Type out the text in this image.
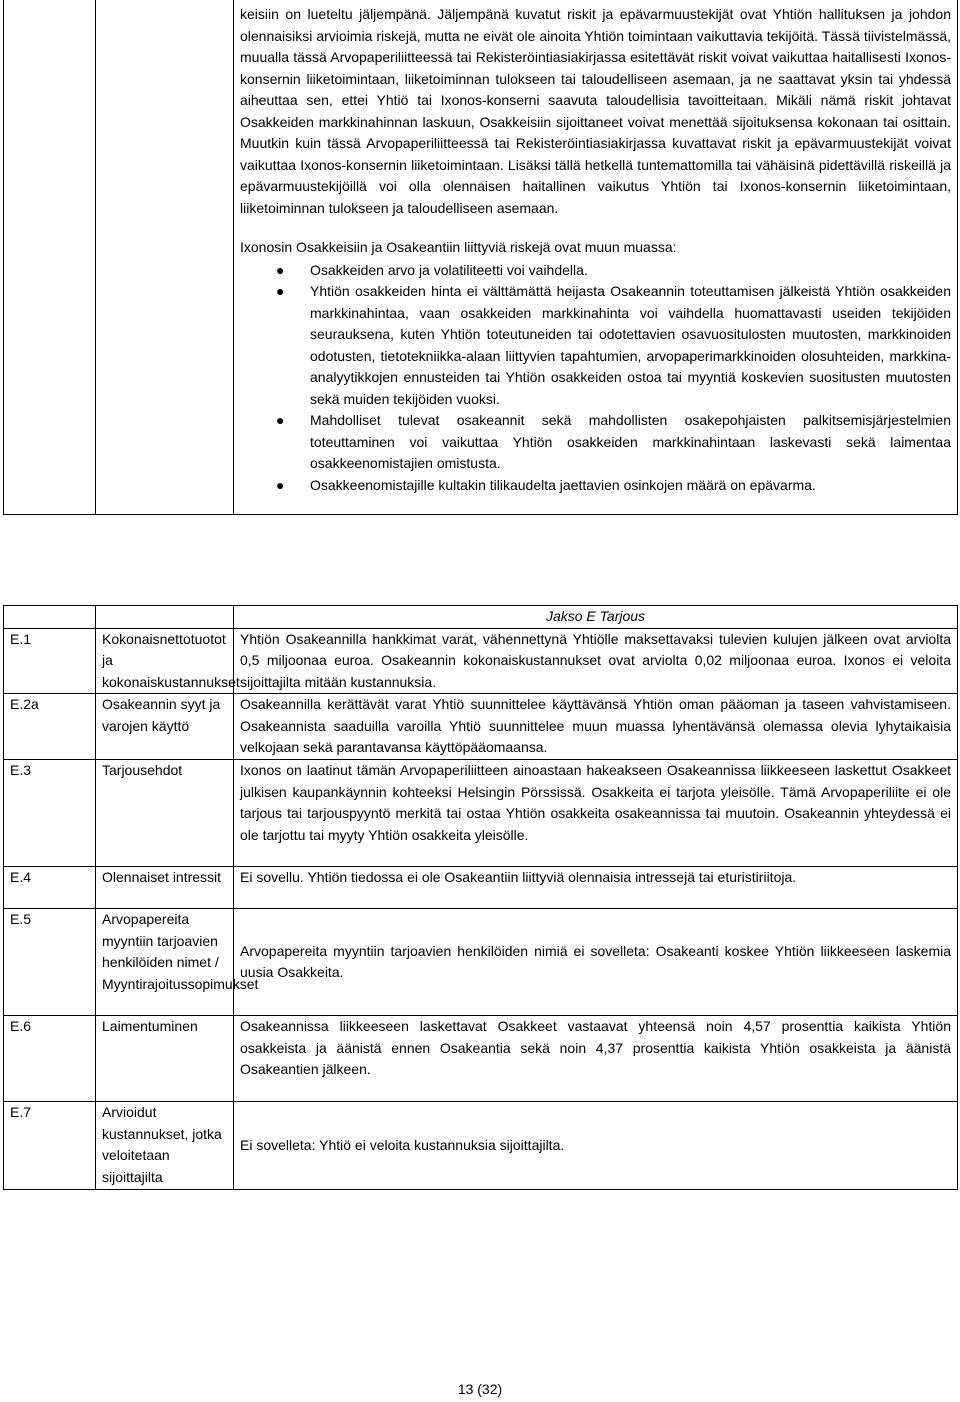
keisiin on lueteltu jäljempänä. Jäljempänä kuvatut riskit ja epävarmuustekijät ovat Yhtiön hallituksen ja johdon olennaisiksi arvioimia riskejä, mutta ne eivät ole ainoita Yhtiön toimintaan vaikuttavia tekijöitä. Tässä tiivistelmässä, muualla tässä Arvopaperiliitteessä tai Rekisteröintiasiakirjassa esitettävät riskit voivat vaikuttaa haitallisesti Ixonos-konsernin liiketoimintaan, liiketoiminnan tulokseen tai taloudelliseen asemaan, ja ne saattavat yksin tai yhdessä aiheuttaa sen, ettei Yhtiö tai Ixonos-konserni saavuta taloudellisia tavoitteitaan. Mikäli nämä riskit johtavat Osakkeiden markkinahinnan laskuun, Osakkeisiin sijoittaneet voivat menettää sijoituksensa kokonaan tai osittain. Muutkin kuin tässä Arvopaperiliitteessä tai Rekisteröintiasiakirjassa kuvattavat riskit ja epävarmuustekijät voivat vaikuttaa Ixonos-konsernin liiketoimintaan. Lisäksi tällä hetkellä tuntemattomilla tai vähäisinä pidettävillä riskeillä ja epävarmuustekijöillä voi olla olennaisen haitallinen vaikutus Yhtiön tai Ixonos-konsernin liiketoimintaan, liiketoiminnan tulokseen ja taloudelliseen asemaan.

Ixonosin Osakkeisiin ja Osakeantiin liittyviä riskejä ovat muun muassa:

● Osakkeiden arvo ja volatiliteetti voi vaihdella.
● Yhtiön osakkeiden hinta ei välttämättä heijasta Osakeannin toteuttamisen jälkeistä Yhtiön osakkeiden markkinahintaa, vaan osakkeiden markkinahinta voi vaihdella huomattavasti useiden tekijöiden seurauksena, kuten Yhtiön toteutuneiden tai odotettavien osavuositulosten muutosten, markkinoiden odotusten, tietotekniikka-alaan liittyvien tapahtumien, arvopaperimarkkinoiden olosuhteiden, markkina-analyytikkojen ennusteiden tai Yhtiön osakkeiden ostoa tai myyntiä koskevien suositusten muutosten sekä muiden tekijöiden vuoksi.
● Mahdolliset tulevat osakeannit sekä mahdollisten osakepohjaisten palkitsemisjärjestelmien toteuttaminen voi vaikuttaa Yhtiön osakkeiden markkinahintaan laskevasti sekä laimentaa osakkeenomistajien omistusta.
● Osakkeenomistajille kultakin tilikaudelta jaettavien osinkojen määrä on epävarma.
		Jakso E Tarjous
E.1	Kokonaisnettotuotot ja kokonaiskustannukset	Yhtiön Osakeannilla hankkimat varat, vähennettynä Yhtiölle maksettavaksi tulevien kulujen jälkeen ovat arviolta 0,5 miljoonaa euroa. Osakeannin kokonaiskustannukset ovat arviolta 0,02 miljoonaa euroa. Ixonos ei veloita sijoittajilta mitään kustannuksia.
E.2a	Osakeannin syyt ja varojen käyttö	Osakeannilla kerättävät varat Yhtiö suunnittelee käyttävänsä Yhtiön oman pääoman ja taseen vahvistamiseen. Osakeannista saaduilla varoilla Yhtiö suunnittelee muun muassa lyhentävänsä olemassa olevia lyhytaikaisia velkojaan sekä parantavansa käyttöpääomaansa.
E.3	Tarjousehdot	Ixonos on laatinut tämän Arvopaperiliitteen ainoastaan hakeakseen Osakeannissa liikkeeseen laskettut Osakkeet julkisen kaupankäynnin kohteeksi Helsingin Pörssissä. Osakkeita ei tarjota yleisölle. Tämä Arvopaperiliite ei ole tarjous tai tarjouspyyntö merkitä tai ostaa Yhtiön osakkeita osakeannissa tai muutoin. Osakeannin yhteydessä ei ole tarjottu tai myyty Yhtiön osakkeita yleisölle.
E.4	Olennaiset intressit	Ei sovellu. Yhtiön tiedossa ei ole Osakeantiin liittyviä olennaisia intressejä tai eturistiriitoja.
E.5	Arvopapereita myyntiin tarjoavien henkilöiden nimet / Myyntirajoitussopimukset	Arvopapereita myyntiin tarjoavien henkilöiden nimiä ei sovelleta: Osakeanti koskee Yhtiön liikkeeseen laskemia uusia Osakkeita.
E.6	Laimentuminen	Osakeannissa liikkeeseen laskettavat Osakkeet vastaavat yhteensä noin 4,57 prosenttia kaikista Yhtiön osakkeista ja äänistä ennen Osakeantia sekä noin 4,37 prosenttia kaikista Yhtiön osakkeista ja äänistä Osakeantien jälkeen.
E.7	Arvioidut kustannukset, jotka veloitetaan sijoittajilta	Ei sovelleta: Yhtiö ei veloita kustannuksia sijoittajilta.
13 (32)
